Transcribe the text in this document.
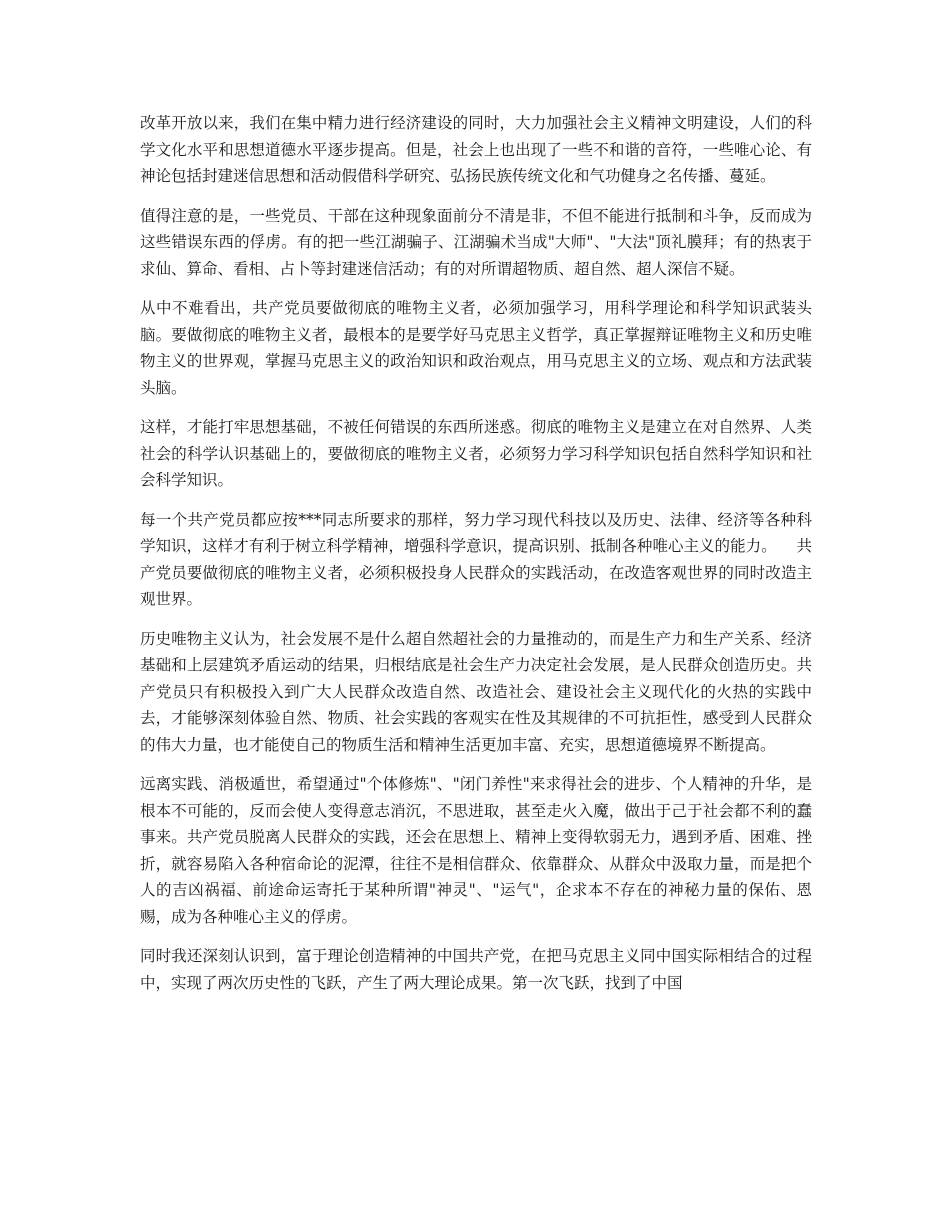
改革开放以来，我们在集中精力进行经济建设的同时，大力加强社会主义精神文明建设，人们的科学文化水平和思想道德水平逐步提高。但是，社会上也出现了一些不和谐的音符，一些唯心论、有神论包括封建迷信思想和活动假借科学研究、弘扬民族传统文化和气功健身之名传播、蔓延。

值得注意的是，一些党员、干部在这种现象面前分不清是非，不但不能进行抵制和斗争，反而成为这些错误东西的俘虏。有的把一些江湖骗子、江湖骗术当成"大师"、"大法"顶礼膜拜；有的热衷于求仙、算命、看相、占卜等封建迷信活动；有的对所谓超物质、超自然、超人深信不疑。

从中不难看出，共产党员要做彻底的唯物主义者，必须加强学习，用科学理论和科学知识武装头脑。要做彻底的唯物主义者，最根本的是要学好马克思主义哲学，真正掌握辩证唯物主义和历史唯物主义的世界观，掌握马克思主义的政治知识和政治观点，用马克思主义的立场、观点和方法武装头脑。

这样，才能打牢思想基础，不被任何错误的东西所迷惑。彻底的唯物主义是建立在对自然界、人类社会的科学认识基础上的，要做彻底的唯物主义者，必须努力学习科学知识包括自然科学知识和社会科学知识。

每一个共产党员都应按***同志所要求的那样，努力学习现代科技以及历史、法律、经济等各种科学知识，这样才有利于树立科学精神，增强科学意识，提高识别、抵制各种唯心主义的能力。    共产党员要做彻底的唯物主义者，必须积极投身人民群众的实践活动，在改造客观世界的同时改造主观世界。

历史唯物主义认为，社会发展不是什么超自然超社会的力量推动的，而是生产力和生产关系、经济基础和上层建筑矛盾运动的结果，归根结底是社会生产力决定社会发展，是人民群众创造历史。共产党员只有积极投入到广大人民群众改造自然、改造社会、建设社会主义现代化的火热的实践中去，才能够深刻体验自然、物质、社会实践的客观实在性及其规律的不可抗拒性，感受到人民群众的伟大力量，也才能使自己的物质生活和精神生活更加丰富、充实，思想道德境界不断提高。

远离实践、消极遁世，希望通过"个体修炼"、"闭门养性"来求得社会的进步、个人精神的升华，是根本不可能的，反而会使人变得意志消沉，不思进取，甚至走火入魔，做出于己于社会都不利的蠢事来。共产党员脱离人民群众的实践，还会在思想上、精神上变得软弱无力，遇到矛盾、困难、挫折，就容易陷入各种宿命论的泥潭，往往不是相信群众、依靠群众、从群众中汲取力量，而是把个人的吉凶祸福、前途命运寄托于某种所谓"神灵"、"运气"，企求本不存在的神秘力量的保佑、恩赐，成为各种唯心主义的俘虏。

同时我还深刻认识到，富于理论创造精神的中国共产党，在把马克思主义同中国实际相结合的过程中，实现了两次历史性的飞跃，产生了两大理论成果。第一次飞跃，找到了中国
